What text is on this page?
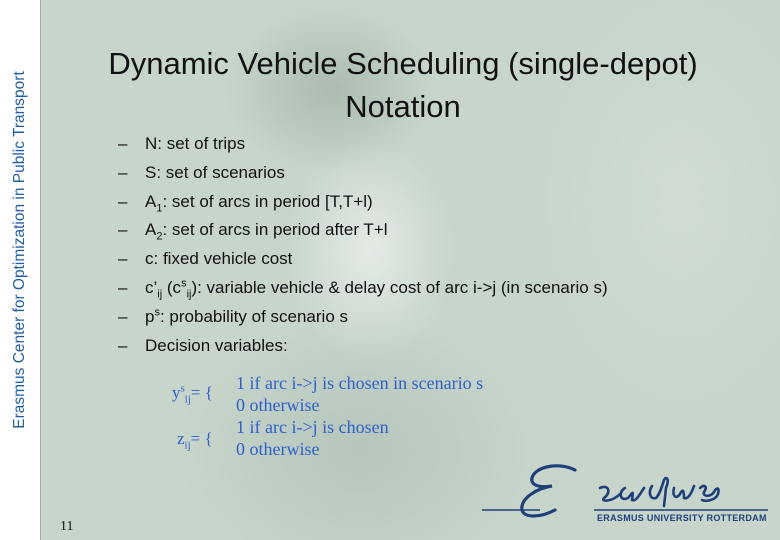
Erasmus Center for Optimization in Public Transport
Dynamic Vehicle Scheduling (single-depot)
Notation
– N: set of trips
– S: set of scenarios
– $A_1$: set of arcs in period [T,T+l)
– $A_2$: set of arcs in period after T+l
– c: fixed vehicle cost
– $c’_{ij}$ $(c^s_{ij})$: variable vehicle & delay cost of arc i->j (in scenario s)
– $p^s$: probability of scenario s
– Decision variables:
$y^s_{ij}=$ { 1 if arc i->j is chosen in scenario s
0 otherwise
$z_{ij}=$ {
1 if arc i->j is chosen
0 otherwise
11
ERASMUS UNIVERSITY ROTTERDAM
